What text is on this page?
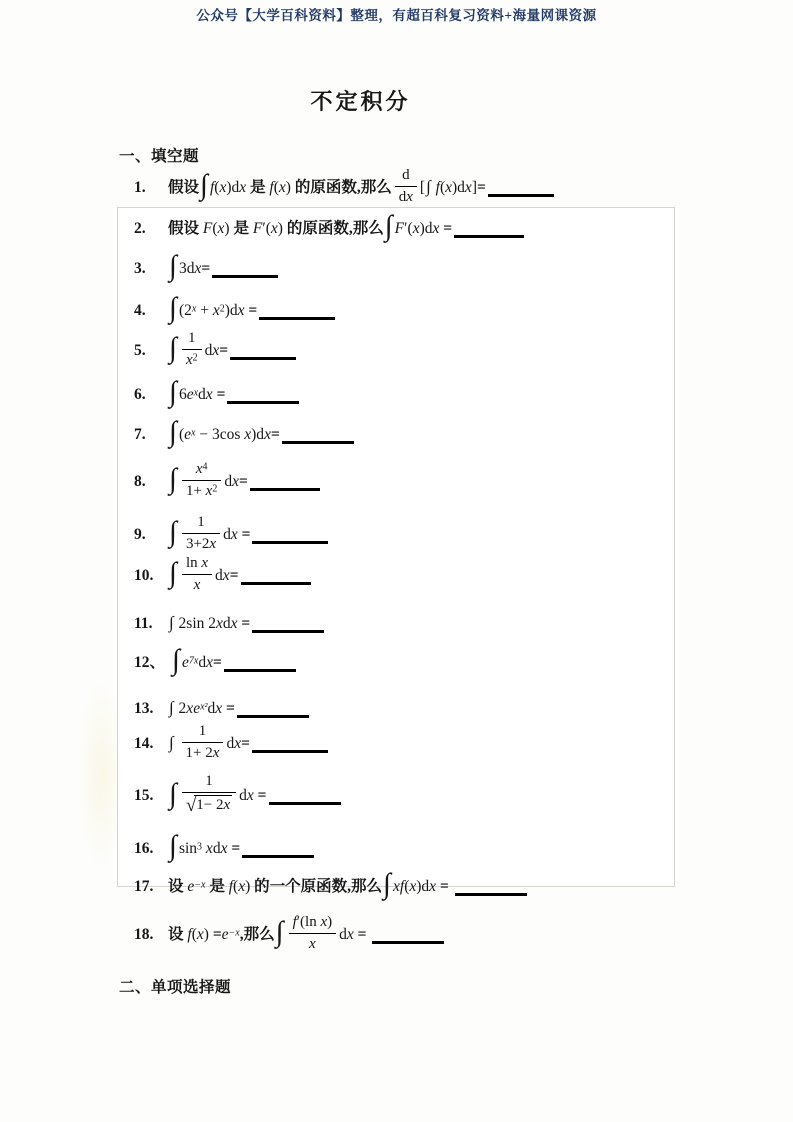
公众号【大学百科资料】整理，有超百科复习资料+海量网课资源
不定积分
一、填空题
1. 假设∫ f(x)dx 是 f(x) 的原函数,那么 $\frac{d}{dx}$ [∫ f(x)dx]=
2. 假设 F(x) 是 F′(x) 的原函数,那么∫ F′(x)dx =
3. ∫ 3dx=
4. ∫ $(2^x + x^2)dx$ =
5. ∫ $\frac{1}{x^2} dx=$
6. ∫ $6e^xdx$ =
7. ∫ ($e^x - 3\cos$ x)dx=
8. ∫ $\frac{x^4}{1+ x^2} dx=$
9. ∫ $\frac{1}{3+2x}$ dx =
10. ∫ $\frac{\text{ln x}}{x} dx=$
11. ∫ 2sin 2xdx =
12、 ∫ $e^{7x}dx=$
13. ∫ $2xe^{x^2}dx$ =
14. ∫ $\frac{1}{1+ 2x} dx=$
15. ∫ $\frac{1}{√1- 2x}$ dx =
16. ∫ $\sin^3$ xdx =
17. 设 $e^{-x}$ 是 f(x) 的一个原函数,那么∫ xf(x)dx =
18. 设 $f(x) =e^{-x}$,那么∫ $\frac{\text{f′(ln x)}}{x}$ dx =
二、单项选择题
